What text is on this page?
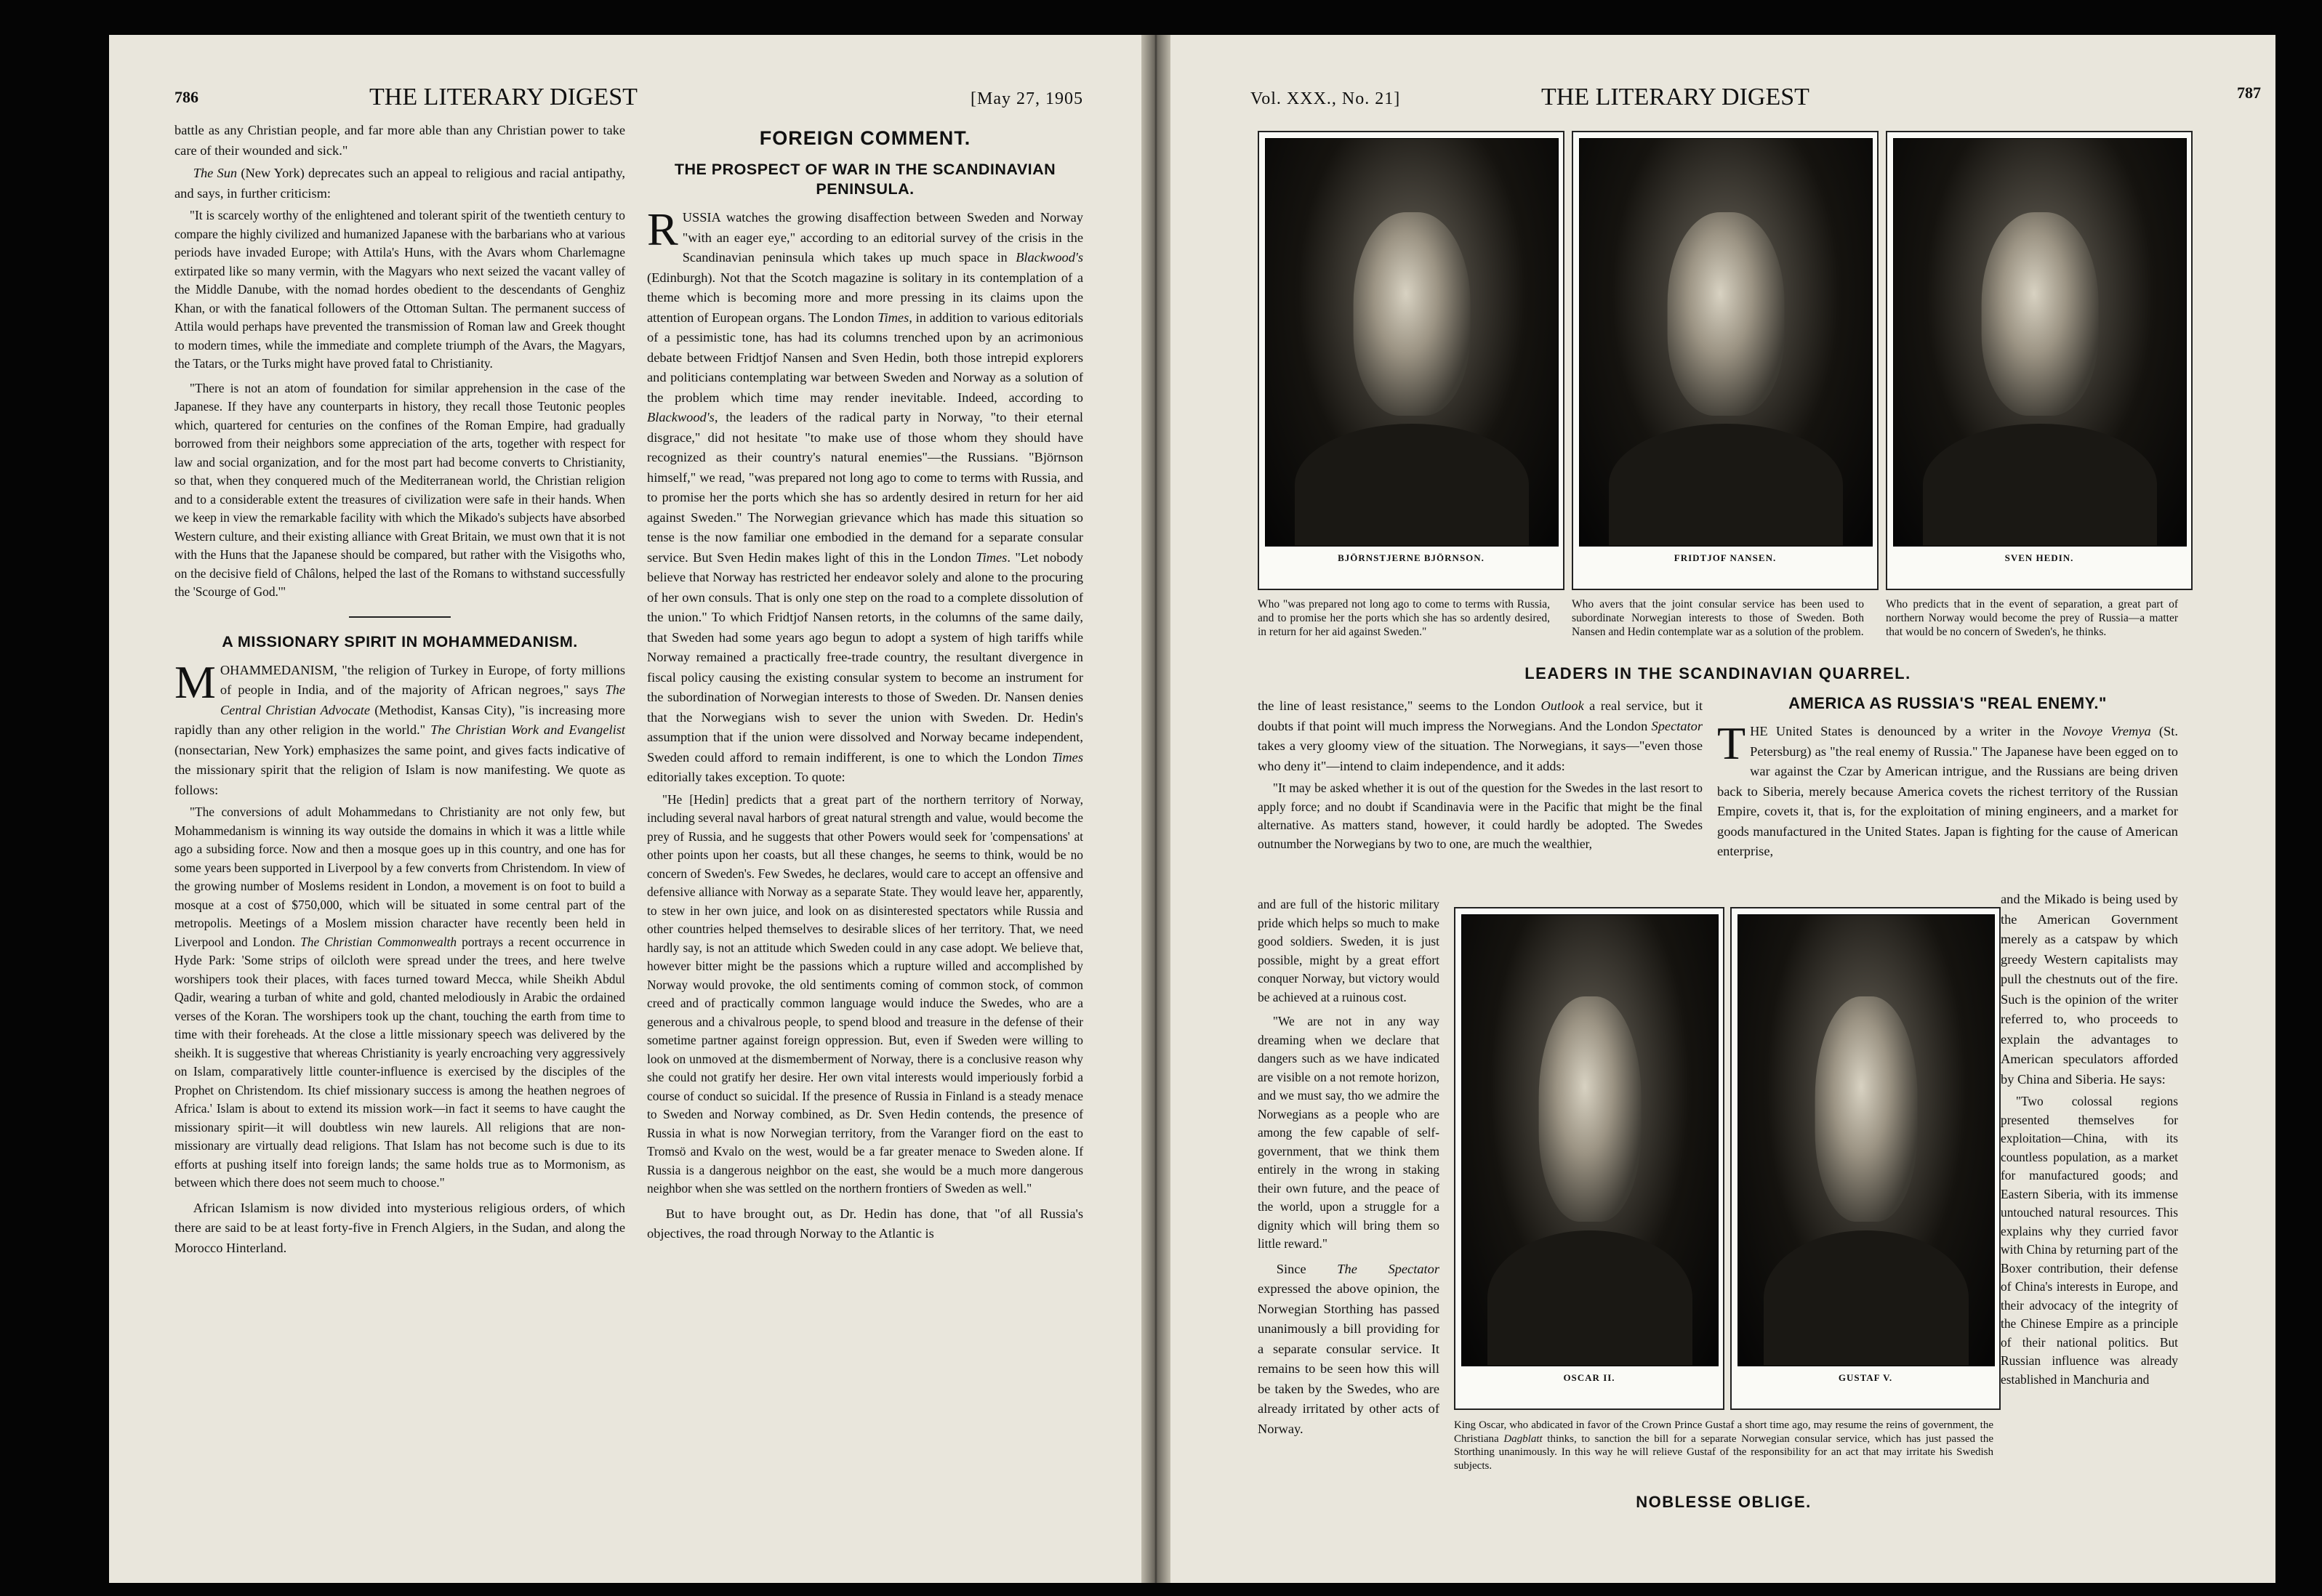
786	THE LITERARY DIGEST	[May 27, 1905

battle as any Christian people, and far more able than any Christian power to take care of their wounded and sick."

The Sun (New York) deprecates such an appeal to religious and racial antipathy, and says, in further criticism:

"It is scarcely worthy of the enlightened and tolerant spirit of the twentieth century to compare the highly civilized and humanized Japanese with the barbarians who at various periods have invaded Europe; with Attila's Huns, with the Avars whom Charlemagne extirpated like so many vermin, with the Magyars who next seized the vacant valley of the Middle Danube, with the nomad hordes obedient to the descendants of Genghiz Khan, or with the fanatical followers of the Ottoman Sultan. The permanent success of Attila would perhaps have prevented the transmission of Roman law and Greek thought to modern times, while the immediate and complete triumph of the Avars, the Magyars, the Tatars, or the Turks might have proved fatal to Christianity.
"There is not an atom of foundation for similar apprehension in the case of the Japanese. If they have any counterparts in history, they recall those Teutonic peoples which, quartered for centuries on the confines of the Roman Empire, had gradually borrowed from their neighbors some appreciation of the arts, together with respect for law and social organization, and for the most part had become converts to Christianity, so that, when they conquered much of the Mediterranean world, the Christian religion and to a considerable extent the treasures of civilization were safe in their hands. When we keep in view the remarkable facility with which the Mikado's subjects have absorbed Western culture, and their existing alliance with Great Britain, we must own that it is not with the Huns that the Japanese should be compared, but rather with the Visigoths who, on the decisive field of Châlons, helped the last of the Romans to withstand successfully the 'Scourge of God.'"
A MISSIONARY SPIRIT IN MOHAMMEDANISM.

MOHAMMEDANISM, "the religion of Turkey in Europe, of forty millions of people in India, and of the majority of African negroes," says The Central Christian Advocate (Methodist, Kansas City), "is increasing more rapidly than any other religion in the world." The Christian Work and Evangelist (nonsectarian, New York) emphasizes the same point, and gives facts indicative of the missionary spirit that the religion of Islam is now manifesting. We quote as follows:

"The conversions of adult Mohammedans to Christianity are not only few, but Mohammedanism is winning its way outside the domains in which it was a little while ago a subsiding force. Now and then a mosque goes up in this country, and one has for some years been supported in Liverpool by a few converts from Christendom. In view of the growing number of Moslems resident in London, a movement is on foot to build a mosque at a cost of $750,000, which will be situated in some central part of the metropolis. Meetings of a Moslem mission character have recently been held in Liverpool and London. The Christian Commonwealth portrays a recent occurrence in Hyde Park: 'Some strips of oilcloth were spread under the trees, and here twelve worshipers took their places, with faces turned toward Mecca, while Sheikh Abdul Qadir, wearing a turban of white and gold, chanted melodiously in Arabic the ordained verses of the Koran. The worshipers took up the chant, touching the earth from time to time with their foreheads. At the close a little missionary speech was delivered by the sheikh. It is suggestive that whereas Christianity is yearly encroaching very aggressively on Islam, comparatively little counter-influence is exercised by the disciples of the Prophet on Christendom. Its chief missionary success is among the heathen negroes of Africa.' Islam is about to extend its mission work—in fact it seems to have caught the missionary spirit—it will doubtless win new laurels. All religions that are non-missionary are virtually dead religions. That Islam has not become such is due to its efforts at pushing itself into foreign lands; the same holds true as to Mormonism, as between which there does not seem much to choose."

African Islamism is now divided into mysterious religious orders, of which there are said to be at least forty-five in French Algiers, in the Sudan, and along the Morocco Hinterland.

FOREIGN COMMENT.
THE PROSPECT OF WAR IN THE SCANDINAVIAN PENINSULA.

RUSSIA watches the growing disaffection between Sweden and Norway "with an eager eye," according to an editorial survey of the crisis in the Scandinavian peninsula which takes up much space in Blackwood's (Edinburgh). Not that the Scotch magazine is solitary in its contemplation of a theme which is becoming more and more pressing in its claims upon the attention of European organs. The London Times, in addition to various editorials of a pessimistic tone, has had its columns trenched upon by an acrimonious debate between Fridtjof Nansen and Sven Hedin, both those intrepid explorers and politicians contemplating war between Sweden and Norway as a solution of the problem which time may render inevitable. Indeed, according to Blackwood's, the leaders of the radical party in Norway, "to their eternal disgrace," did not hesitate "to make use of those whom they should have recognized as their country's natural enemies"—the Russians. "Björnson himself," we read, "was prepared not long ago to come to terms with Russia, and to promise her the ports which she has so ardently desired in return for her aid against Sweden." The Norwegian grievance which has made this situation so tense is the now familiar one embodied in the demand for a separate consular service. But Sven Hedin makes light of this in the London Times. "Let nobody believe that Norway has restricted her endeavor solely and alone to the procuring of her own consuls. That is only one step on the road to a complete dissolution of the union." To which Fridtjof Nansen retorts, in the columns of the same daily, that Sweden had some years ago begun to adopt a system of high tariffs while Norway remained a practically free-trade country, the resultant divergence in fiscal policy causing the existing consular system to become an instrument for the subordination of Norwegian interests to those of Sweden. Dr. Nansen denies that the Norwegians wish to sever the union with Sweden. Dr. Hedin's assumption that if the union were dissolved and Norway became independent, Sweden could afford to remain indifferent, is one to which the London Times editorially takes exception. To quote:

"He [Hedin] predicts that a great part of the northern territory of Norway, including several naval harbors of great natural strength and value, would become the prey of Russia, and he suggests that other Powers would seek for 'compensations' at other points upon her coasts, but all these changes, he seems to think, would be no concern of Sweden's. Few Swedes, he declares, would care to accept an offensive and defensive alliance with Norway as a separate State. They would leave her, apparently, to stew in her own juice, and look on as disinterested spectators while Russia and other countries helped themselves to desirable slices of her territory. That, we need hardly say, is not an attitude which Sweden could in any case adopt. We believe that, however bitter might be the passions which a rupture willed and accomplished by Norway would provoke, the old sentiments coming of common stock, of common creed and of practically common language would induce the Swedes, who are a generous and a chivalrous people, to spend blood and treasure in the defense of their sometime partner against foreign oppression. But, even if Sweden were willing to look on unmoved at the dismemberment of Norway, there is a conclusive reason why she could not gratify her desire. Her own vital interests would imperiously forbid a course of conduct so suicidal. If the presence of Russia in Finland is a steady menace to Sweden and Norway combined, as Dr. Sven Hedin contends, the presence of Russia in what is now Norwegian territory, from the Varanger fiord on the east to Tromsö and Kvalo on the west, would be a far greater menace to Sweden alone. If Russia is a dangerous neighbor on the east, she would be a much more dangerous neighbor when she was settled on the northern frontiers of Sweden as well."

But to have brought out, as Dr. Hedin has done, that "of all Russia's objectives, the road through Norway to the Atlantic is

Vol. XXX., No. 21]	THE LITERARY DIGEST	787
BJÖRNSTJERNE BJÖRNSON.	FRIDTJOF NANSEN.	SVEN HEDIN.
Who "was prepared not long ago to come to terms with Russia, and to promise her the ports which she has so ardently desired, in return for her aid against Sweden."
Who avers that the joint consular service has been used to subordinate Norwegian interests to those of Sweden. Both Nansen and Hedin contemplate war as a solution of the problem.
Who predicts that in the event of separation, a great part of northern Norway would become the prey of Russia—a matter that would be no concern of Sweden's, he thinks.
LEADERS IN THE SCANDINAVIAN QUARREL.

the line of least resistance," seems to the London Outlook a real service, but it doubts if that point will much impress the Norwegians. And the London Spectator takes a very gloomy view of the situation. The Norwegians, it says—"even those who deny it"—intend to claim independence, and it adds:

"It may be asked whether it is out of the question for the Swedes in the last resort to apply force; and no doubt if Scandinavia were in the Pacific that might be the final alternative. As matters stand, however, it could hardly be adopted. The Swedes outnumber the Norwegians by two to one, are much the wealthier,
and are full of the historic military pride which helps so much to make good soldiers. Sweden, it is just possible, might by a great effort conquer Norway, but victory would be achieved at a ruinous cost.
"We are not in any way dreaming when we declare that dangers such as we have indicated are visible on a not remote horizon, and we must say, tho we admire the Norwegians as a people who are among the few capable of self-government, that we think them entirely in the wrong in staking their own future, and the peace of the world, upon a struggle for a dignity which will bring them so little reward."

Since The Spectator expressed the above opinion, the Norwegian Storthing has passed unanimously a bill providing for a separate consular service. It remains to be seen how this will be taken by the Swedes, who are already irritated by other acts of Norway.

OSCAR II.	GUSTAF V.
King Oscar, who abdicated in favor of the Crown Prince Gustaf a short time ago, may resume the reins of government, the Christiana Dagblatt thinks, to sanction the bill for a separate Norwegian consular service, which has just passed the Storthing unanimously. In this way he will relieve Gustaf of the responsibility for an act that may irritate his Swedish subjects.
NOBLESSE OBLIGE.
AMERICA AS RUSSIA'S "REAL ENEMY."

THE United States is denounced by a writer in the Novoye Vremya (St. Petersburg) as "the real enemy of Russia." The Japanese have been egged on to war against the Czar by American intrigue, and the Russians are being driven back to Siberia, merely because America covets the richest territory of the Russian Empire, covets it, that is, for the exploitation of mining engineers, and a market for goods manufactured in the United States. Japan is fighting for the cause of American enterprise,

and the Mikado is being used by the American Government merely as a catspaw by which greedy Western capitalists may pull the chestnuts out of the fire. Such is the opinion of the writer referred to, who proceeds to explain the advantages to American speculators afforded by China and Siberia. He says:

"Two colossal regions presented themselves for exploitation—China, with its countless population, as a market for manufactured goods; and Eastern Siberia, with its immense untouched natural resources. This explains why they curried favor with China by returning part of the Boxer contribution, their defense of China's interests in Europe, and their advocacy of the integrity of the Chinese Empire as a principle of their national politics. But Russian influence was already established in Manchuria and
